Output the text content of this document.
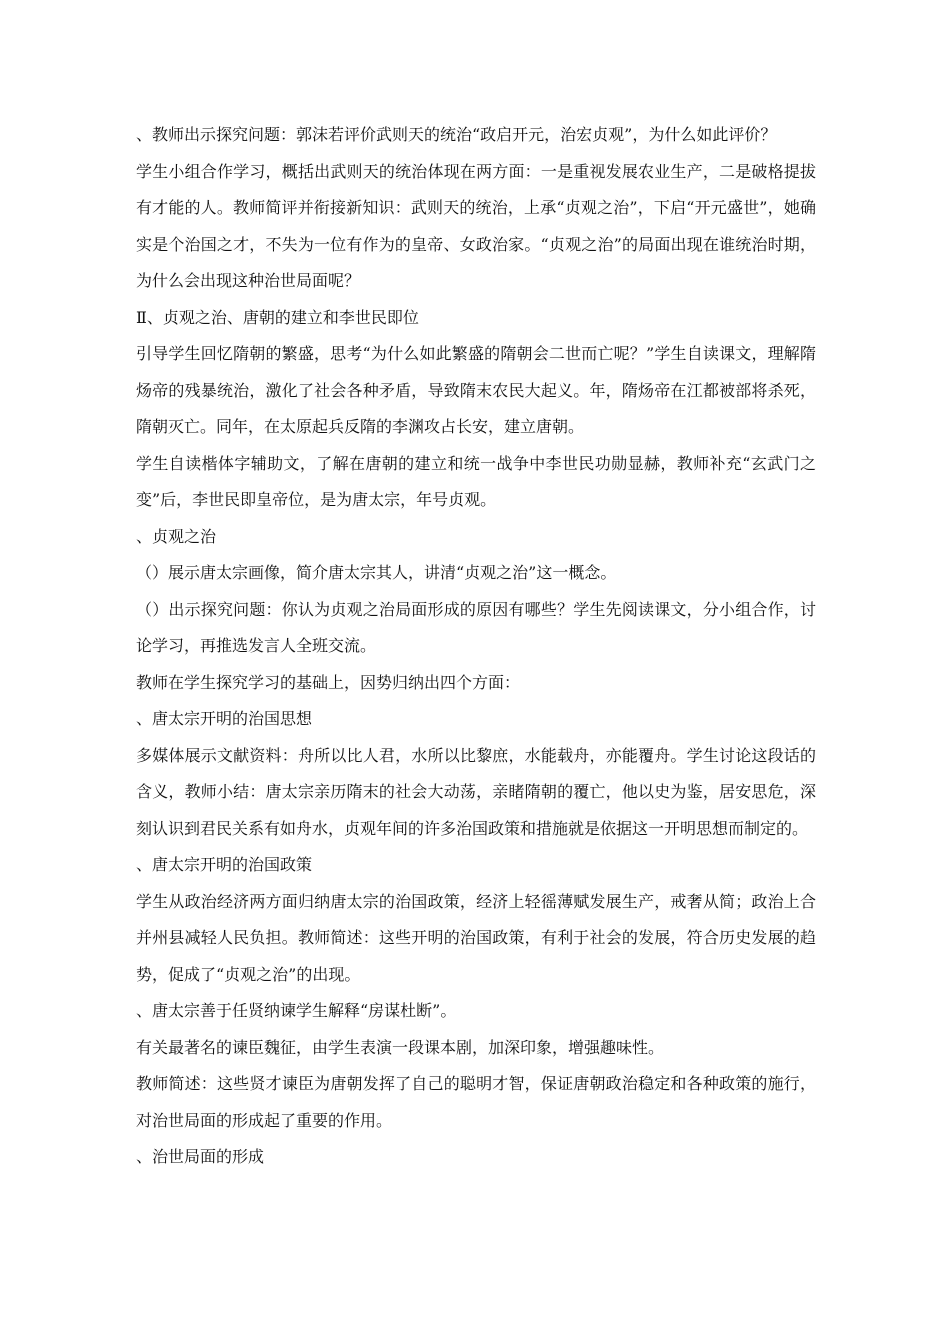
、教师出示探究问题：郭沫若评价武则天的统治“政启开元，治宏贞观”，为什么如此评价？

学生小组合作学习，概括出武则天的统治体现在两方面：一是重视发展农业生产，二是破格提拔有才能的人。教师简评并衔接新知识：武则天的统治，上承“贞观之治”，下启“开元盛世”，她确实是个治国之才，不失为一位有作为的皇帝、女政治家。“贞观之治”的局面出现在谁统治时期，为什么会出现这种治世局面呢？

Ⅱ、贞观之治、唐朝的建立和李世民即位

引导学生回忆隋朝的繁盛，思考“为什么如此繁盛的隋朝会二世而亡呢？”学生自读课文，理解隋炀帝的残暴统治，激化了社会各种矛盾，导致隋末农民大起义。年，隋炀帝在江都被部将杀死，隋朝灭亡。同年，在太原起兵反隋的李渊攻占长安，建立唐朝。

学生自读楷体字辅助文，了解在唐朝的建立和统一战争中李世民功勋显赫，教师补充“玄武门之变”后，李世民即皇帝位，是为唐太宗，年号贞观。

、贞观之治

（）展示唐太宗画像，简介唐太宗其人，讲清“贞观之治”这一概念。

（）出示探究问题：你认为贞观之治局面形成的原因有哪些？学生先阅读课文，分小组合作，讨论学习，再推选发言人全班交流。

教师在学生探究学习的基础上，因势归纳出四个方面：

、唐太宗开明的治国思想

多媒体展示文献资料：舟所以比人君，水所以比黎庶，水能载舟，亦能覆舟。学生讨论这段话的含义，教师小结：唐太宗亲历隋末的社会大动荡，亲睹隋朝的覆亡，他以史为鉴，居安思危，深刻认识到君民关系有如舟水，贞观年间的许多治国政策和措施就是依据这一开明思想而制定的。

、唐太宗开明的治国政策

学生从政治经济两方面归纳唐太宗的治国政策，经济上轻徭薄赋发展生产，戒奢从简；政治上合并州县减轻人民负担。教师简述：这些开明的治国政策，有利于社会的发展，符合历史发展的趋势，促成了“贞观之治”的出现。

、唐太宗善于任贤纳谏学生解释“房谋杜断”。

有关最著名的谏臣魏征，由学生表演一段课本剧，加深印象，增强趣味性。

教师简述：这些贤才谏臣为唐朝发挥了自己的聪明才智，保证唐朝政治稳定和各种政策的施行，对治世局面的形成起了重要的作用。

、治世局面的形成
